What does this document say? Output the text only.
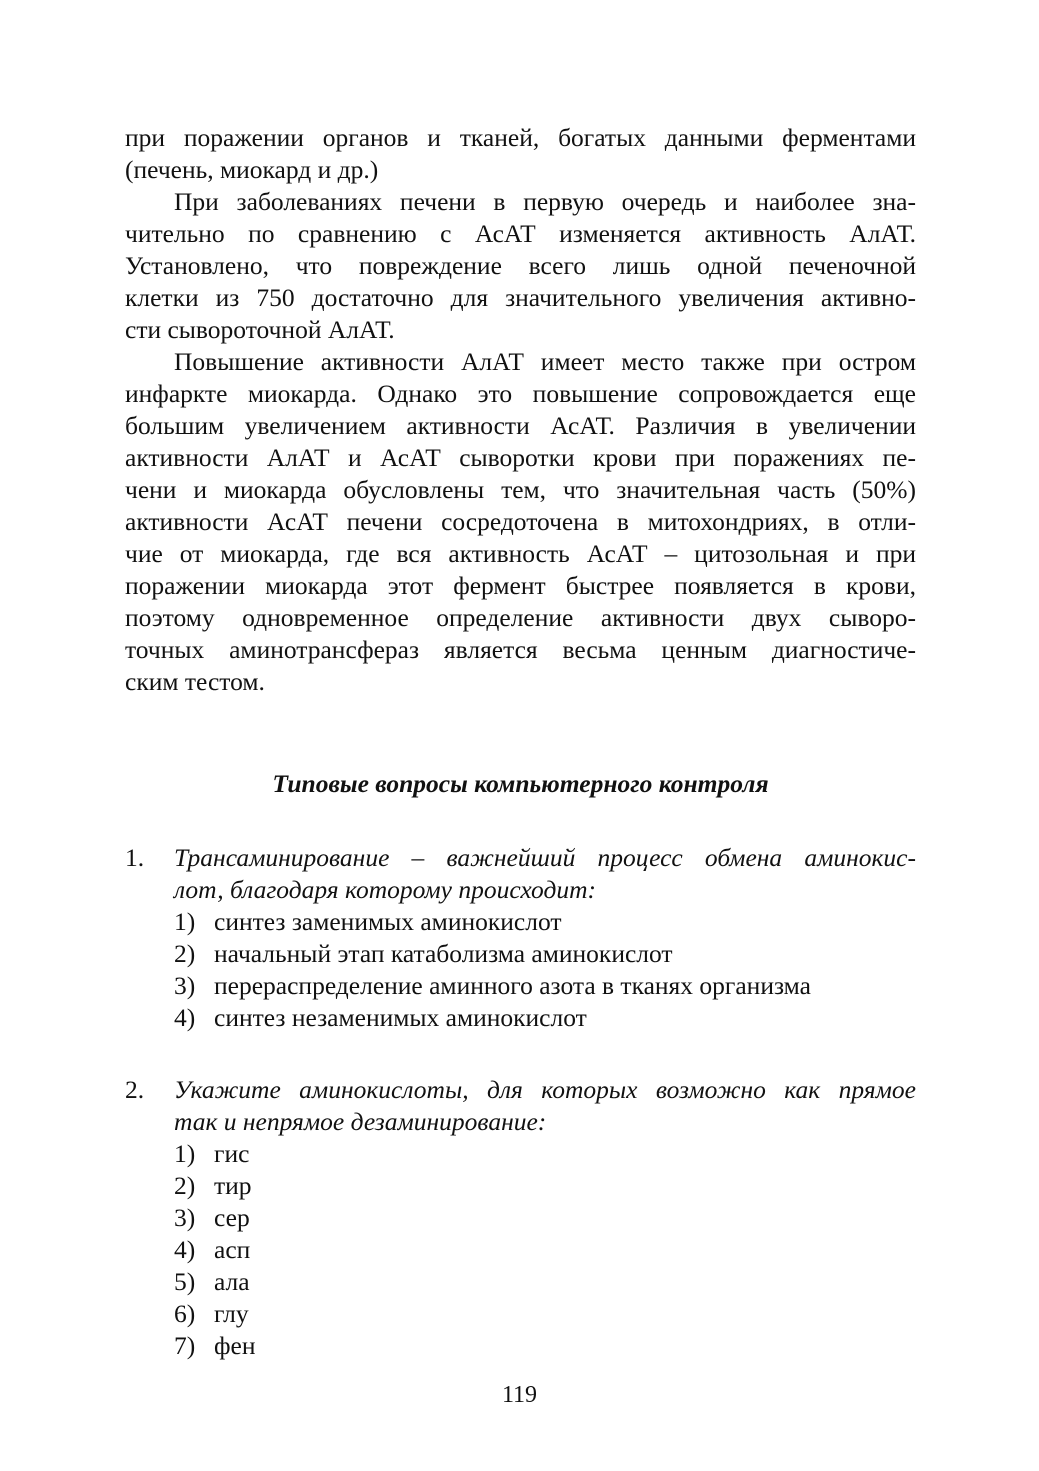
при поражении органов и тканей, богатых данными ферментами
(печень, миокард и др.)
При заболеваниях печени в первую очередь и наиболее зна-
чительно по сравнению с АсАТ изменяется активность АлАТ.
Установлено, что повреждение всего лишь одной печеночной
клетки из 750 достаточно для значительного увеличения активно-
сти сывороточной АлАТ.
Повышение активности АлАТ имеет место также при остром
инфаркте миокарда. Однако это повышение сопровождается еще
большим увеличением активности АсАТ. Различия в увеличении
активности АлАТ и АсАТ сыворотки крови при поражениях пе-
чени и миокарда обусловлены тем, что значительная часть (50%)
активности АсАТ печени сосредоточена в митохондриях, в отли-
чие от миокарда, где вся активность АсАТ – цитозольная и при
поражении миокарда этот фермент быстрее появляется в крови,
поэтому одновременное определение активности двух сыворо-
точных аминотрансфераз является весьма ценным диагностиче-
ским тестом.
Типовые вопросы компьютерного контроля
1. Трансаминирование – важнейший процесс обмена аминокис-
лот, благодаря которому происходит:
1) синтез заменимых аминокислот
2) начальный этап катаболизма аминокислот
3) перераспределение аминного азота в тканях организма
4) синтез незаменимых аминокислот
2. Укажите аминокислоты, для которых возможно как прямое
так и непрямое дезаминирование:
1) гис
2) тир
3) сер
4) асп
5) ала
6) глу
7) фен
119
